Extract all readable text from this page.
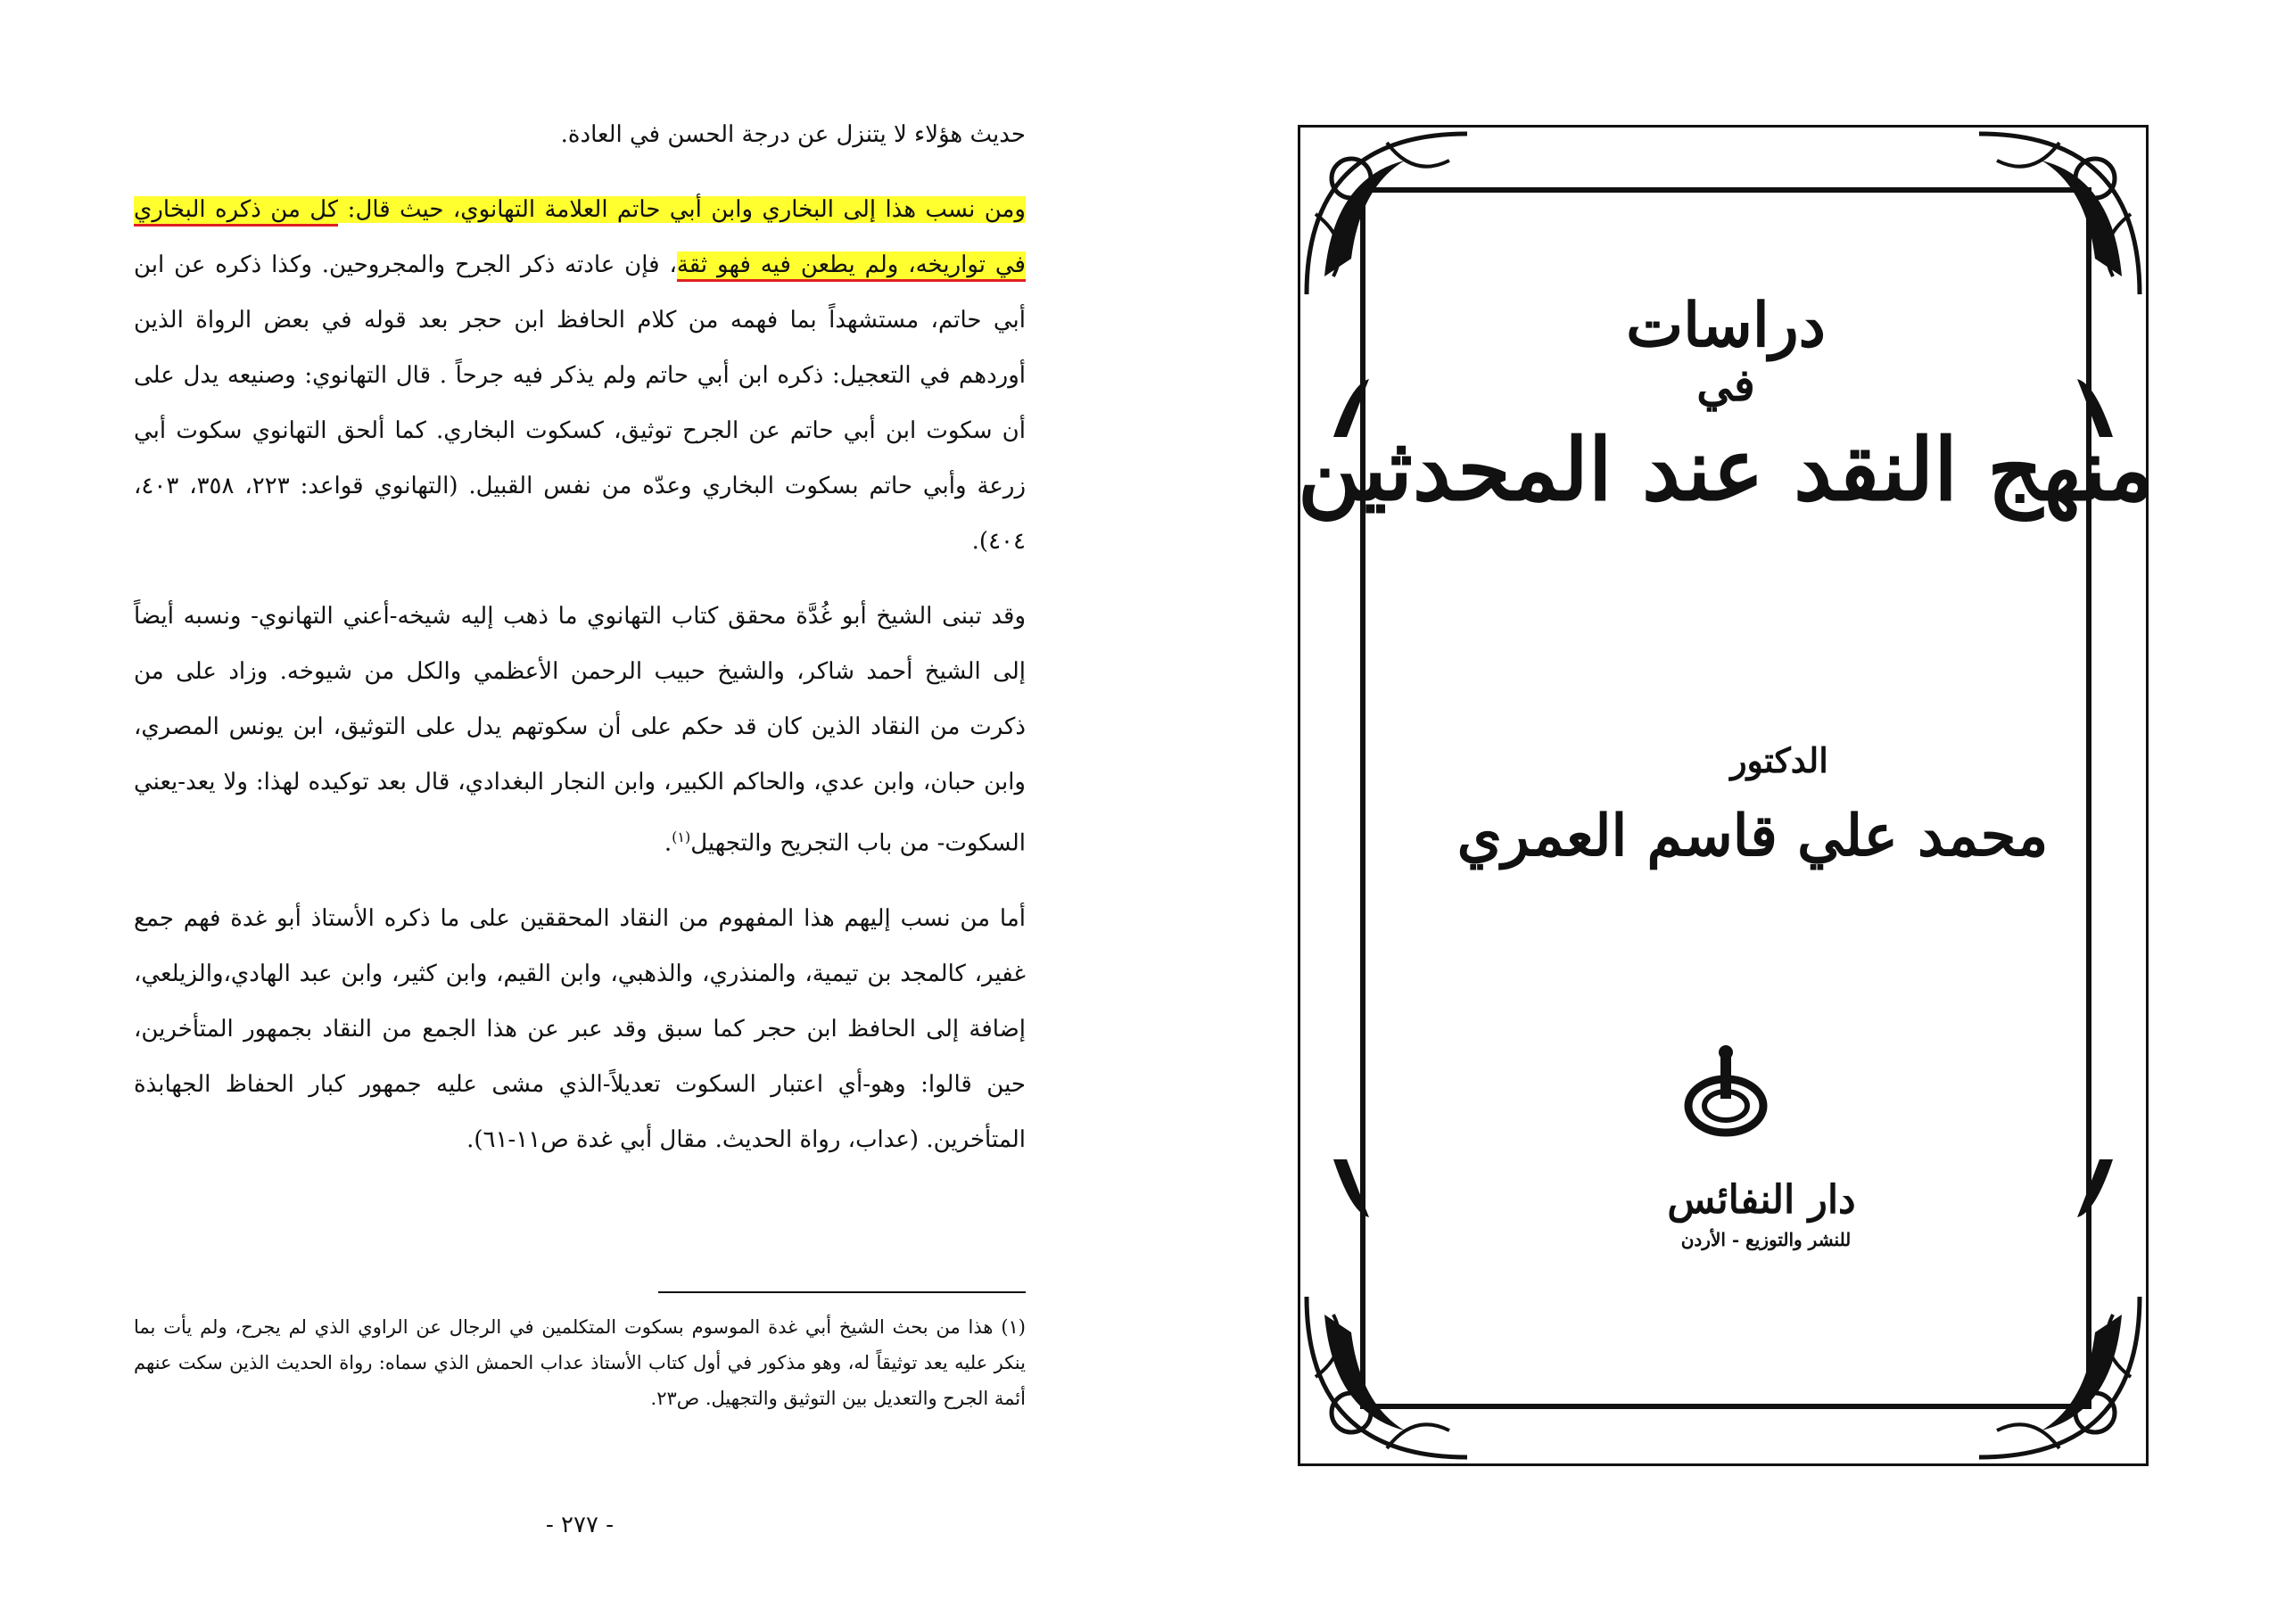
حديث هؤلاء لا يتنزل عن درجة الحسن في العادة.

ومن نسب هذا إلى البخاري وابن أبي حاتم العلامة التهانوي، حيث قال: كل من ذكره البخاري في تواريخه، ولم يطعن فيه فهو ثقة، فإن عادته ذكر الجرح والمجروحين. وكذا ذكره عن ابن أبي حاتم، مستشهداً بما فهمه من كلام الحافظ ابن حجر بعد قوله في بعض الرواة الذين أوردهم في التعجيل: ذكره ابن أبي حاتم ولم يذكر فيه جرحاً . قال التهانوي: وصنيعه يدل على أن سكوت ابن أبي حاتم عن الجرح توثيق، كسكوت البخاري. كما ألحق التهانوي سكوت أبي زرعة وأبي حاتم بسكوت البخاري وعدّه من نفس القبيل. (التهانوي قواعد: ٢٢٣، ٣٥٨، ٤٠٣، ٤٠٤).

وقد تبنى الشيخ أبو غُدَّة محقق كتاب التهانوي ما ذهب إليه شيخه-أعني التهانوي- ونسبه أيضاً إلى الشيخ أحمد شاكر، والشيخ حبيب الرحمن الأعظمي والكل من شيوخه. وزاد على من ذكرت من النقاد الذين كان قد حكم على أن سكوتهم يدل على التوثيق، ابن يونس المصري، وابن حبان، وابن عدي، والحاكم الكبير، وابن النجار البغدادي، قال بعد توكيده لهذا: ولا يعد-يعني السكوت- من باب التجريح والتجهيل$^{(١)}$.

أما من نسب إليهم هذا المفهوم من النقاد المحققين على ما ذكره الأستاذ أبو غدة فهم جمع غفير، كالمجد بن تيمية، والمنذري، والذهبي، وابن القيم، وابن كثير، وابن عبد الهادي،والزيلعي، إضافة إلى الحافظ ابن حجر كما سبق وقد عبر عن هذا الجمع من النقاد بجمهور المتأخرين، حين قالوا: وهو-أي اعتبار السكوت تعديلاً-الذي مشى عليه جمهور كبار الحفاظ الجهابذة المتأخرين. (عداب، رواة الحديث. مقال أبي غدة ص١١-٦١).

(١) هذا من بحث الشيخ أبي غدة الموسوم بسكوت المتكلمين في الرجال عن الراوي الذي لم يجرح، ولم يأت بما ينكر عليه يعد توثيقاً له، وهو مذكور في أول كتاب الأستاذ عداب الحمش الذي سماه: رواة الحديث الذين سكت عنهم أئمة الجرح والتعديل بين التوثيق والتجهيل. ص٢٣.
- ٢٧٧ -
دراسات
في
منهج النقد عند المحدثين
الدكتور
محمد علي قاسم العمري
دار النفائس
للنشر والتوزيع - الأردن
